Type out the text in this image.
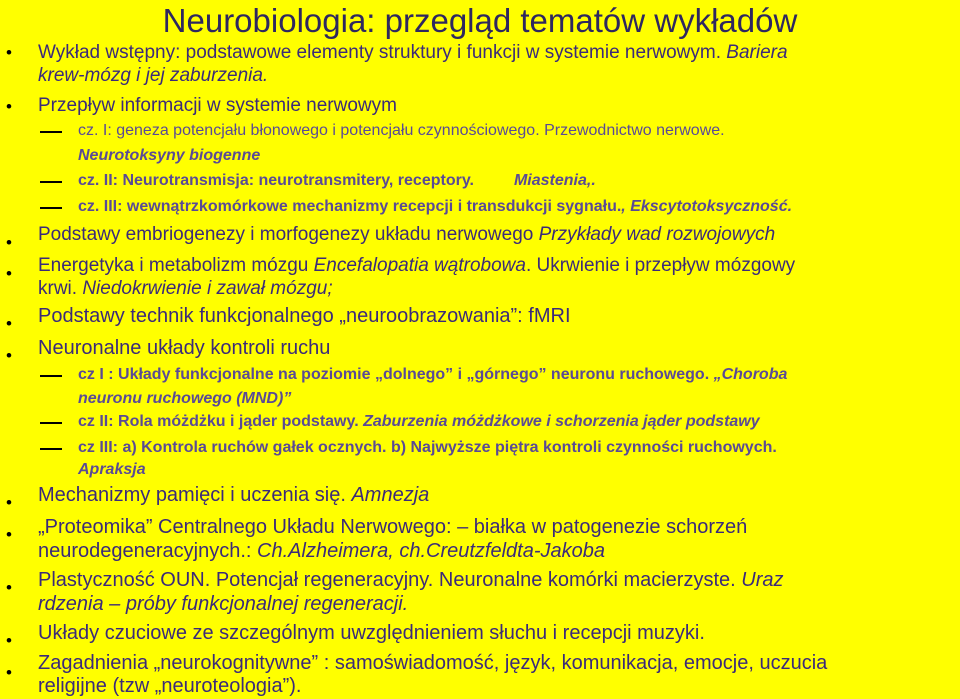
Neurobiologia: przegląd tematów wykładów
• Wykład wstępny: podstawowe elementy struktury i funkcji w systemie nerwowym. Bariera
krew-mózg i jej zaburzenia.
• Przepływ informacji w systemie nerwowym
cz. I: geneza potencjału błonowego i potencjału czynnościowego. Przewodnictwo nerwowe.
Neurotoksyny biogenne
cz. II: Neurotransmisja: neurotransmitery, receptory.	Miastenia,.
cz. III: wewnątrzkomórkowe mechanizmy recepcji i transdukcji sygnału., Ekscytotoksyczność.
• Podstawy embriogenezy i morfogenezy układu nerwowego Przykłady wad rozwojowych
• Energetyka i metabolizm mózgu Encefalopatia wątrobowa. Ukrwienie i przepływ mózgowy
krwi. Niedokrwienie i zawał mózgu;
• Podstawy technik funkcjonalnego „neuroobrazowania”: fMRI
• Neuronalne układy kontroli ruchu
cz I : Układy funkcjonalne na poziomie „dolnego” i „górnego” neuronu ruchowego. „Choroba
neuronu ruchowego (MND)”
cz II: Rola móżdżku i jąder podstawy. Zaburzenia móżdżkowe i schorzenia jąder podstawy
cz III: a) Kontrola ruchów gałek ocznych. b) Najwyższe piętra kontroli czynności ruchowych.
Apraksja
• Mechanizmy pamięci i uczenia się. Amnezja
• „Proteomika” Centralnego Układu Nerwowego: – białka w patogenezie schorzeń
neurodegeneracyjnych.: Ch.Alzheimera, ch.Creutzfeldta-Jakoba
• Plastyczność OUN. Potencjał regeneracyjny. Neuronalne komórki macierzyste. Uraz
rdzenia – próby funkcjonalnej regeneracji.
• Układy czuciowe ze szczególnym uwzględnieniem słuchu i recepcji muzyki.
• Zagadnienia „neurokognitywne” : samoświadomość, język, komunikacja, emocje, uczucia
religijne (tzw „neuroteologia”).
